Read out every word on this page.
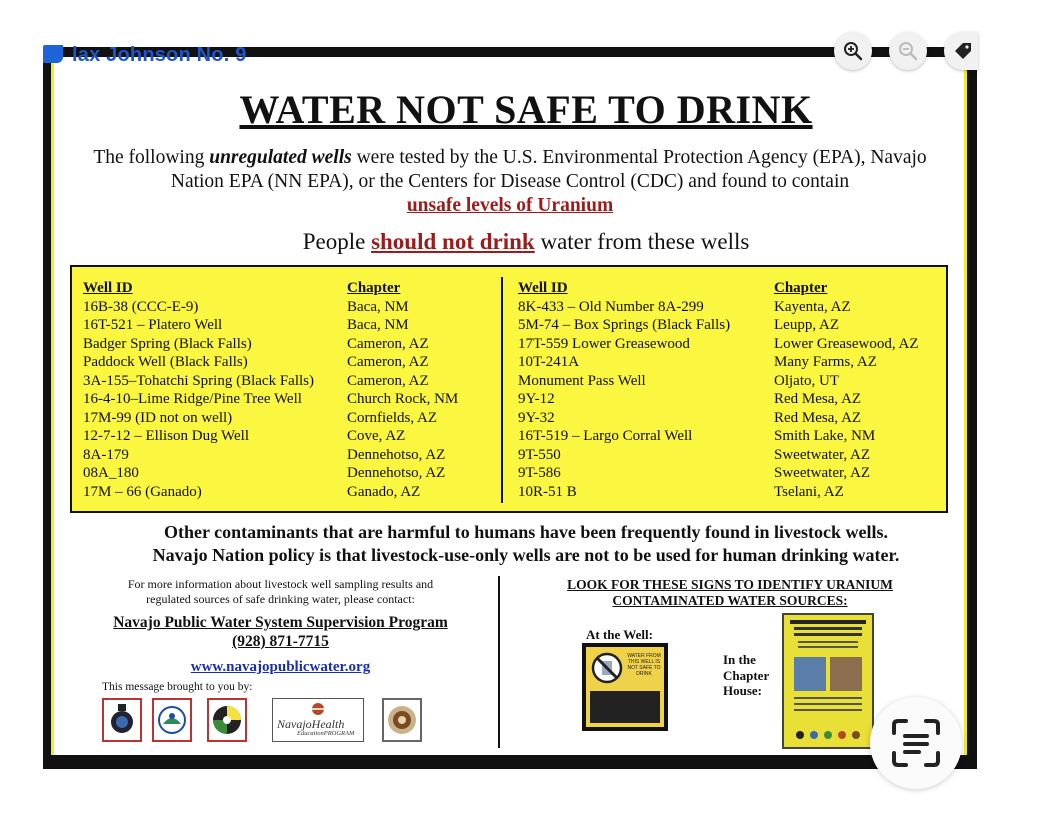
lax Johnson No. 9
WATER NOT SAFE TO DRINK
The following unregulated wells were tested by the U.S. Environmental Protection Agency (EPA), Navajo Nation EPA (NN EPA), or the Centers for Disease Control (CDC) and found to contain
unsafe levels of Uranium
People should not drink water from these wells
Well ID
16B-38 (CCC-E-9)
16T-521 – Platero Well
Badger Spring (Black Falls)
Paddock Well (Black Falls)
3A-155–Tohatchi Spring (Black Falls)
16-4-10–Lime Ridge/Pine Tree Well
17M-99 (ID not on well)
12-7-12 – Ellison Dug Well
8A-179
08A_180
17M – 66 (Ganado)
Chapter
Baca, NM
Baca, NM
Cameron, AZ
Cameron, AZ
Cameron, AZ
Church Rock, NM
Cornfields, AZ
Cove, AZ
Dennehotso, AZ
Dennehotso, AZ
Ganado, AZ
Well ID
8K-433 – Old Number 8A-299
5M-74 – Box Springs (Black Falls)
17T-559 Lower Greasewood
10T-241A
Monument Pass Well
9Y-12
9Y-32
16T-519 – Largo Corral Well
9T-550
9T-586
10R-51 B
Chapter
Kayenta, AZ
Leupp, AZ
Lower Greasewood, AZ
Many Farms, AZ
Oljato, UT
Red Mesa, AZ
Red Mesa, AZ
Smith Lake, NM
Sweetwater, AZ
Sweetwater, AZ
Tselani, AZ
Other contaminants that are harmful to humans have been frequently found in livestock wells.
Navajo Nation policy is that livestock-use-only wells are not to be used for human drinking water.
For more information about livestock well sampling results and
regulated sources of safe drinking water, please contact:
Navajo Public Water System Supervision Program
(928) 871-7715
www.navajopublicwater.org
This message brought to you by:
NavajoHealth
EducationPROGRAM
LOOK FOR THESE SIGNS TO IDENTIFY URANIUM
CONTAMINATED WATER SOURCES:
At the Well:
WATER FROM THIS WELL IS NOT SAFE TO DRINK
In the
Chapter
House:
